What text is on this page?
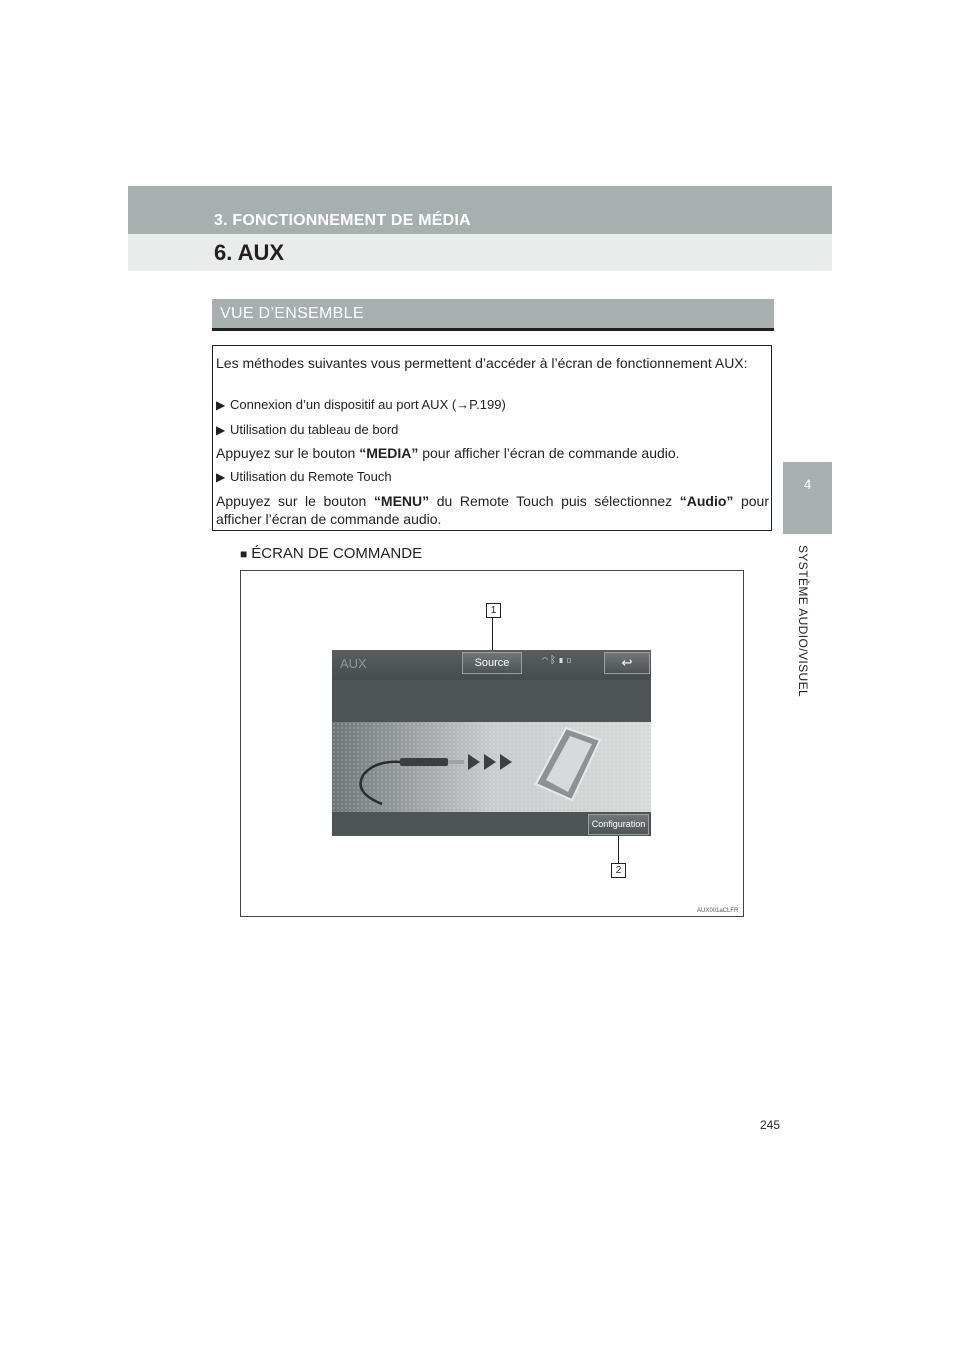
3. FONCTIONNEMENT DE MÉDIA
6. AUX
4
SYSTÈME AUDIO/VISUEL
VUE D’ENSEMBLE
Les méthodes suivantes vous permettent d’accéder à l’écran de fonctionnement AUX:
▶ Connexion d’un dispositif au port AUX (→P.199)
▶ Utilisation du tableau de bord
Appuyez sur le bouton “MEDIA” pour afficher l’écran de commande audio.
▶ Utilisation du Remote Touch
Appuyez sur le bouton “MENU” du Remote Touch puis sélectionnez “Audio” pour afficher l’écran de commande audio.
■ ÉCRAN DE COMMANDE
1
AUX	Source	◠ᛒ▮▯	↩
Configuration
2
AUX001aCLFR
245
